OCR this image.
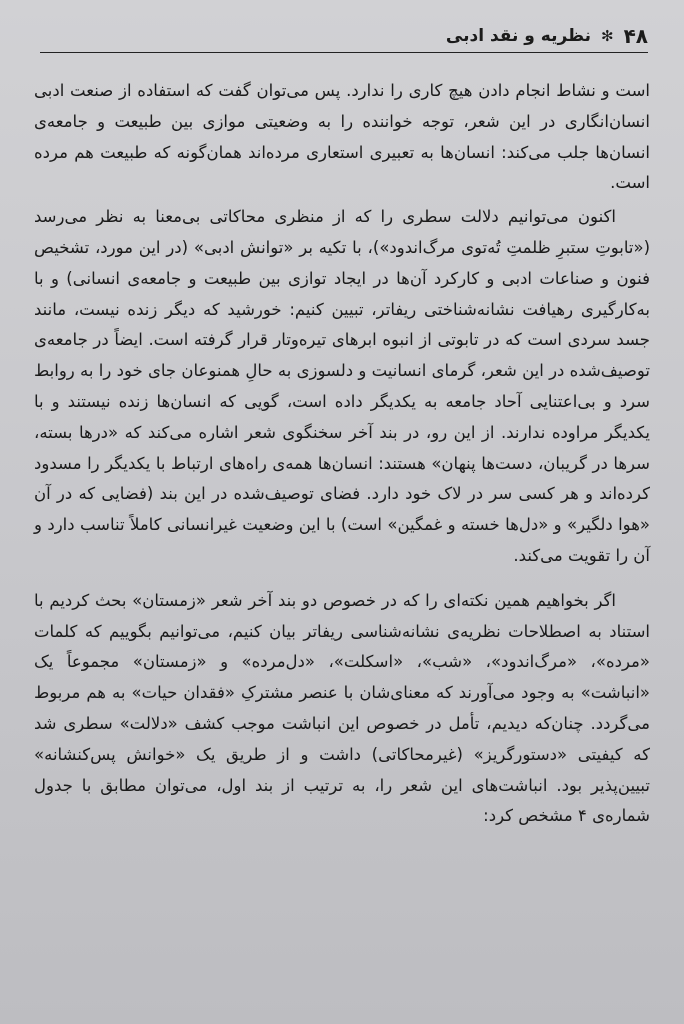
۴۸
✻
نظریه و نقد ادبی

است و نشاط انجام دادن هیچ کاری را ندارد. پس می‌توان گفت که استفاده از صنعت ادبی انسان‌انگاری در این شعر، توجه خواننده را به وضعیتی موازی بین طبیعت و جامعه‌ی انسان‌ها جلب می‌کند: انسان‌ها به تعبیری استعاری مرده‌اند همان‌گونه که طبیعت هم مرده است.

اکنون می‌توانیم دلالت سطری را که از منظری محاکاتی بی‌معنا به نظر می‌رسد («تابوتِ ستبرِ ظلمتِ تُه‌توی مرگ‌اندود»)، با تکیه بر «توانش ادبی» (در این مورد، تشخیص فنون و صناعات ادبی و کارکرد آن‌ها در ایجاد توازی بین طبیعت و جامعه‌ی انسانی) و با به‌کارگیری رهیافت نشانه‌شناختی ریفاتر، تبیین کنیم: خورشید که دیگر زنده نیست، مانند جسد سردی است که در تابوتی از انبوه ابرهای تیره‌وتار قرار گرفته است. ایضاً در جامعه‌ی توصیف‌شده در این شعر، گرمای انسانیت و دلسوزی به حالِ همنوعان جای خود را به روابط سرد و بی‌اعتنایی آحاد جامعه به یکدیگر داده است، گویی که انسان‌ها زنده نیستند و با یکدیگر مراوده ندارند. از این رو، در بند آخر سخنگوی شعر اشاره می‌کند که «درها بسته، سرها در گریبان، دست‌ها پنهان» هستند: انسان‌ها همه‌ی راه‌های ارتباط با یکدیگر را مسدود کرده‌اند و هر کسی سر در لاک خود دارد. فضای توصیف‌شده در این بند (فضایی که در آن «هوا دلگیر» و «دل‌ها خسته و غمگین» است) با این وضعیت غیرانسانی کاملاً تناسب دارد و آن را تقویت می‌کند.

اگر بخواهیم همین نکته‌ای را که در خصوص دو بند آخر شعر «زمستان» بحث کردیم با استناد به اصطلاحات نظریه‌ی نشانه‌شناسی ریفاتر بیان کنیم، می‌توانیم بگوییم که کلمات «مرده»، «مرگ‌اندود»، «شب»، «اسکلت»، «دل‌مرده» و «زمستان» مجموعاً یک «انباشت» به وجود می‌آورند که معنای‌شان با عنصر مشترکِ «فقدان حیات» به هم مربوط می‌گردد. چنان‌که دیدیم، تأمل در خصوص این انباشت موجب کشف «دلالت» سطری شد که کیفیتی «دستورگریز» (غیرمحاکاتی) داشت و از طریق یک «خوانش پس‌کنشانه» تبیین‌پذیر بود. انباشت‌های این شعر را، به ترتیب از بند اول، می‌توان مطابق با جدول شماره‌ی ۴ مشخص کرد:
